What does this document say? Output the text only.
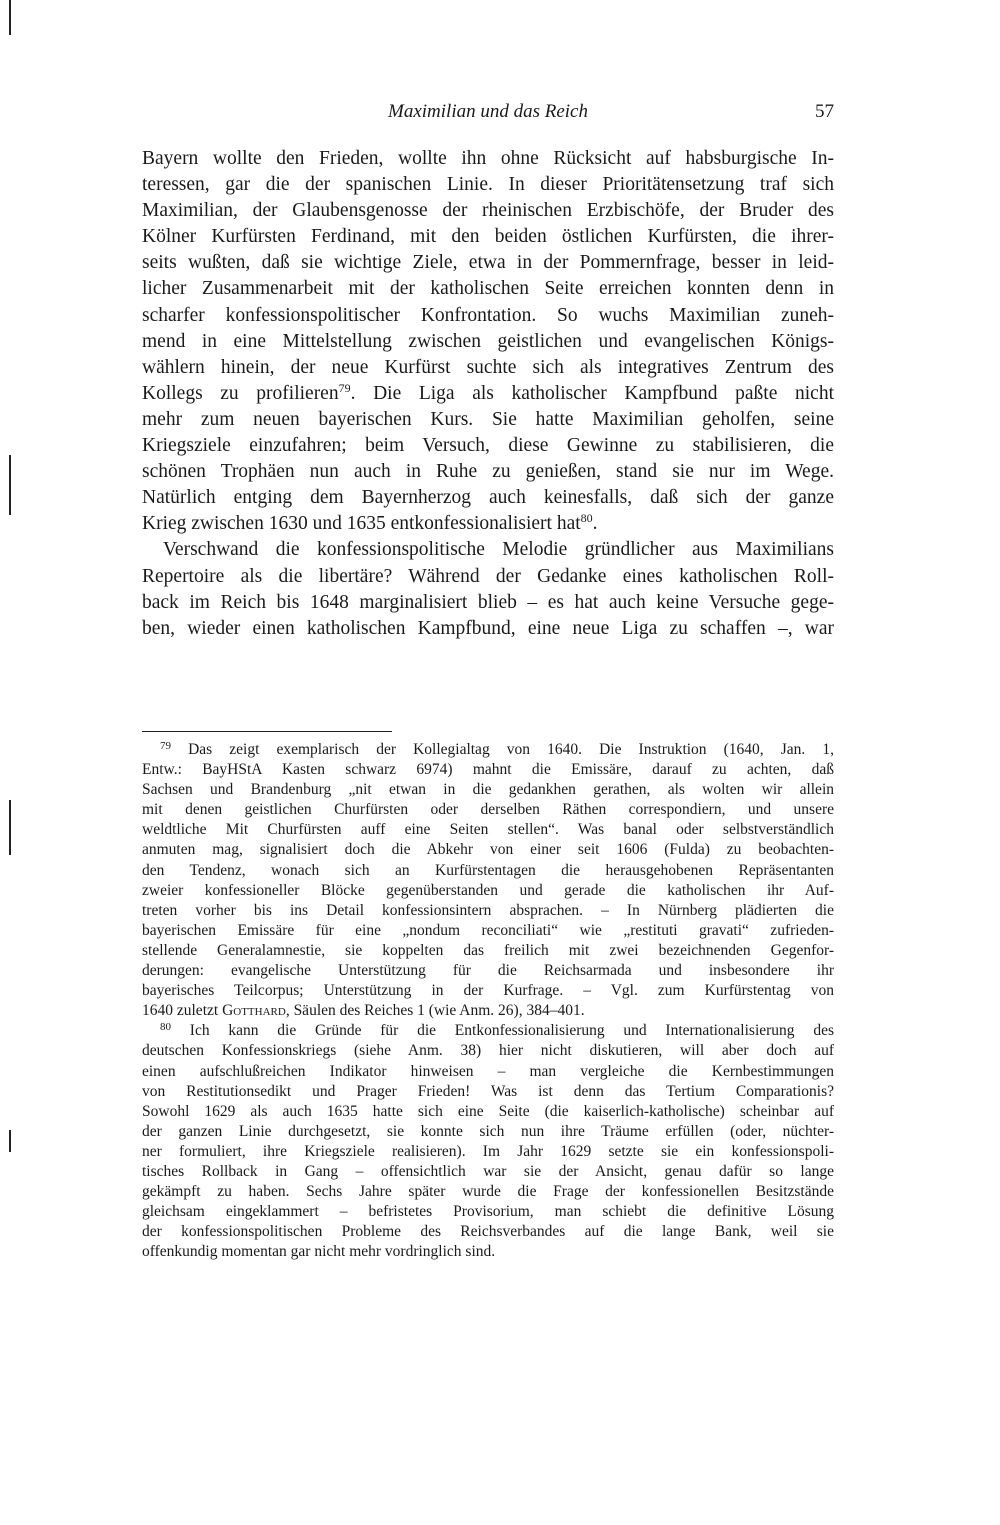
Maximilian und das Reich	57
Bayern wollte den Frieden, wollte ihn ohne Rücksicht auf habsburgische In-
teressen, gar die der spanischen Linie. In dieser Prioritätensetzung traf sich
Maximilian, der Glaubensgenosse der rheinischen Erzbischöfe, der Bruder des
Kölner Kurfürsten Ferdinand, mit den beiden östlichen Kurfürsten, die ihrer-
seits wußten, daß sie wichtige Ziele, etwa in der Pommernfrage, besser in leid-
licher Zusammenarbeit mit der katholischen Seite erreichen konnten denn in
scharfer konfessionspolitischer Konfrontation. So wuchs Maximilian zuneh-
mend in eine Mittelstellung zwischen geistlichen und evangelischen Königs-
wählern hinein, der neue Kurfürst suchte sich als integratives Zentrum des
Kollegs zu profilieren$^{79}$. Die Liga als katholischer Kampfbund paßte nicht
mehr zum neuen bayerischen Kurs. Sie hatte Maximilian geholfen, seine
Kriegsziele einzufahren; beim Versuch, diese Gewinne zu stabilisieren, die
schönen Trophäen nun auch in Ruhe zu genießen, stand sie nur im Wege.
Natürlich entging dem Bayernherzog auch keinesfalls, daß sich der ganze
Krieg zwischen 1630 und 1635 entkonfessionalisiert hat$^{80}$.
Verschwand die konfessionspolitische Melodie gründlicher aus Maximilians
Repertoire als die libertäre? Während der Gedanke eines katholischen Roll-
back im Reich bis 1648 marginalisiert blieb – es hat auch keine Versuche gege-
ben, wieder einen katholischen Kampfbund, eine neue Liga zu schaffen –, war
$^{79}$ Das zeigt exemplarisch der Kollegialtag von 1640. Die Instruktion (1640, Jan. 1,
Entw.: BayHStA Kasten schwarz 6974) mahnt die Emissäre, darauf zu achten, daß
Sachsen und Brandenburg „nit etwan in die gedankhen gerathen, als wolten wir allein
mit denen geistlichen Churfürsten oder derselben Räthen correspondiern, und unsere
weldtliche Mit Churfürsten auff eine Seiten stellen“. Was banal oder selbstverständlich
anmuten mag, signalisiert doch die Abkehr von einer seit 1606 (Fulda) zu beobachten-
den Tendenz, wonach sich an Kurfürstentagen die herausgehobenen Repräsentanten
zweier konfessioneller Blöcke gegenüberstanden und gerade die katholischen ihr Auf-
treten vorher bis ins Detail konfessionsintern absprachen. – In Nürnberg plädierten die
bayerischen Emissäre für eine „nondum reconciliati“ wie „restituti gravati“ zufrieden-
stellende Generalamnestie, sie koppelten das freilich mit zwei bezeichnenden Gegenfor-
derungen: evangelische Unterstützung für die Reichsarmada und insbesondere ihr
bayerisches Teilcorpus; Unterstützung in der Kurfrage. – Vgl. zum Kurfürstentag von
1640 zuletzt Gotthard, Säulen des Reiches 1 (wie Anm. 26), 384–401.
$^{80}$ Ich kann die Gründe für die Entkonfessionalisierung und Internationalisierung des
deutschen Konfessionskriegs (siehe Anm. 38) hier nicht diskutieren, will aber doch auf
einen aufschlußreichen Indikator hinweisen – man vergleiche die Kernbestimmungen
von Restitutionsedikt und Prager Frieden! Was ist denn das Tertium Comparationis?
Sowohl 1629 als auch 1635 hatte sich eine Seite (die kaiserlich-katholische) scheinbar auf
der ganzen Linie durchgesetzt, sie konnte sich nun ihre Träume erfüllen (oder, nüchter-
ner formuliert, ihre Kriegsziele realisieren). Im Jahr 1629 setzte sie ein konfessionspoli-
tisches Rollback in Gang – offensichtlich war sie der Ansicht, genau dafür so lange
gekämpft zu haben. Sechs Jahre später wurde die Frage der konfessionellen Besitzstände
gleichsam eingeklammert – befristetes Provisorium, man schiebt die definitive Lösung
der konfessionspolitischen Probleme des Reichsverbandes auf die lange Bank, weil sie
offenkundig momentan gar nicht mehr vordringlich sind.
